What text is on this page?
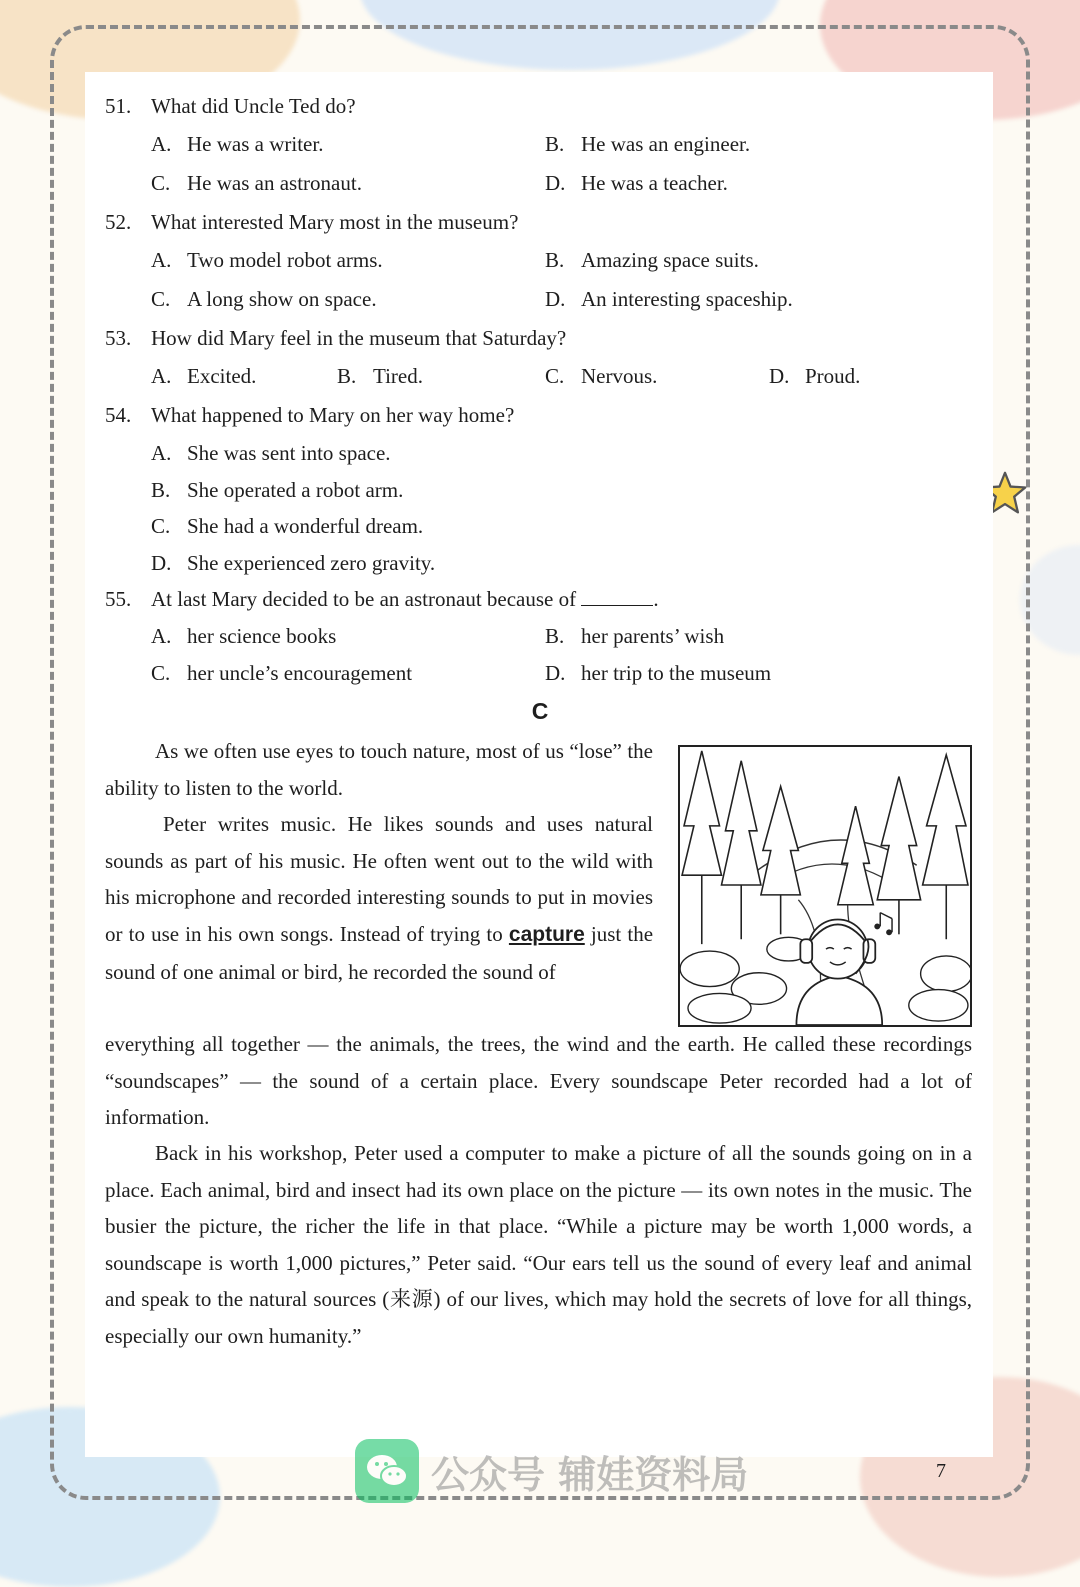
51. What did Uncle Ted do?
A. He was a writer.	B. He was an engineer.
C. He was an astronaut.	D. He was a teacher.
52. What interested Mary most in the museum?
A. Two model robot arms.	B. Amazing space suits.
C. A long show on space.	D. An interesting spaceship.
53. How did Mary feel in the museum that Saturday?
A. Excited.	B. Tired.	C. Nervous.	D. Proud.
54. What happened to Mary on her way home?
A. She was sent into space.
B. She operated a robot arm.
C. She had a wonderful dream.
D. She experienced zero gravity.
55. At last Mary decided to be an astronaut because of	.
A. her science books	B. her parents’ wish
C. her uncle’s encouragement	D. her trip to the museum
C
As we often use eyes to touch nature, most of us “lose” the ability to listen to the world.
Peter writes music. He likes sounds and uses natural sounds as part of his music. He often went out to the wild with his microphone and recorded interesting sounds to put in movies or to use in his own songs. Instead of trying to capture just the sound of one animal or bird, he recorded the sound of
everything all together — the animals, the trees, the wind and the earth. He called these recordings “soundscapes” — the sound of a certain place. Every soundscape Peter recorded had a lot of information.
Back in his workshop, Peter used a computer to make a picture of all the sounds going on in a place. Each animal, bird and insect had its own place on the picture — its own notes in the music. The busier the picture, the richer the life in that place. “While a picture may be worth 1,000 words, a soundscape is worth 1,000 pictures,” Peter said. “Our ears tell us the sound of every leaf and animal and speak to the natural sources (来源) of our lives, which may hold the secrets of love for all things, especially our own humanity.”
公众号 辅娃资料局	7
